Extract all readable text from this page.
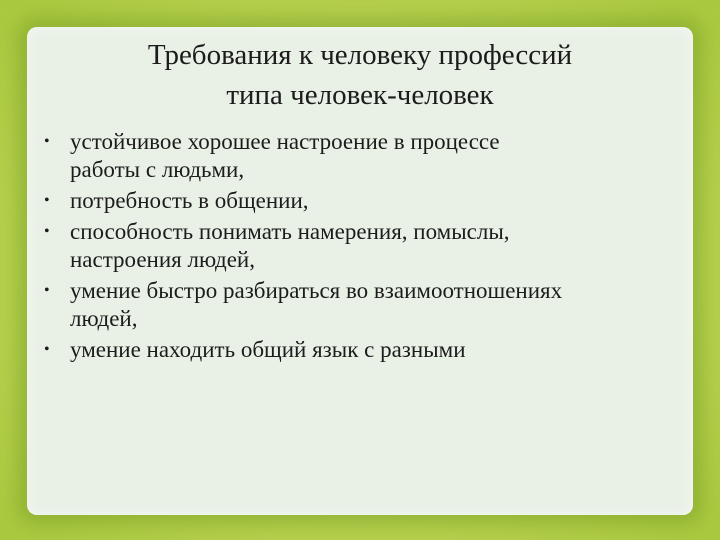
Требования к человеку профессий
типа человек-человек
• устойчивое хорошее настроение в процессе
работы с людьми,
• потребность в общении,
• способность понимать намерения, помыслы,
настроения людей,
• умение быстро разбираться во взаимоотношениях
людей,
• умение находить общий язык с разными
